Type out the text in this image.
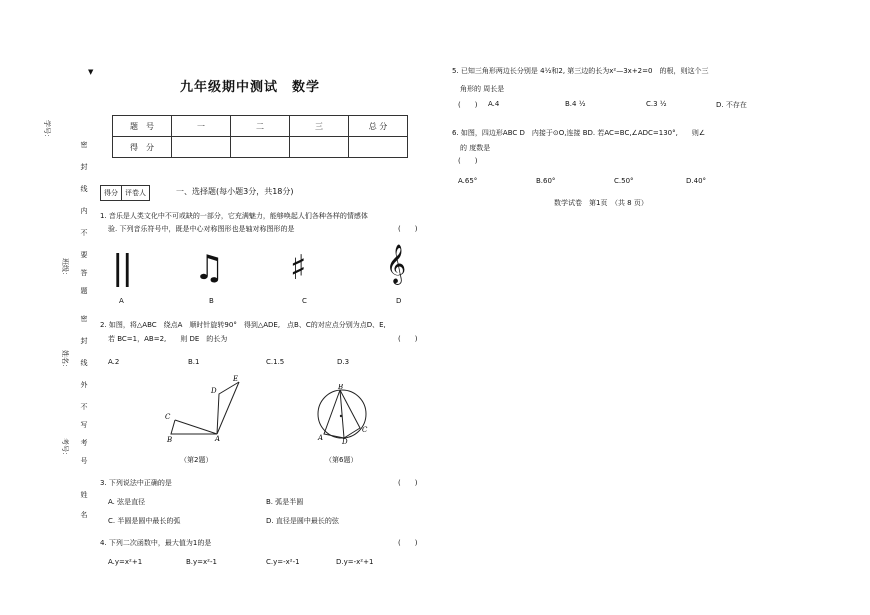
▼
密
封
线
内
不
要
答
题
密
封
线
外
不
写
考
号
姓
名
学号：
班级：
姓名：
考号：
九年级期中测试　数学
题　号	一	二	三	总 分
得　分				
得分	评卷人	一、选择题(每小题3分，共18分)
1. 音乐是人类文化中不可或缺的一部分，它充满魅力，能够唤起人们各种各样的情感体
验. 下列音乐符号中，既是中心对称图形也是轴对称图形的是	(　　)
|| ♫ ♯ 𝄞
A	B	C	D
2. 如图，将△ABC　绕点A　顺时针旋转90°　得到△ADE,　点B、C的对应点分别为点D、E,
若 BC=1，AB=2,　　则 DE　的长为	(　　)
A.2	B.1	C.1.5	D.3
C
B	A
D
E
（第2题）
B
A	D
C
（第6题）
3. 下列说法中正确的是	(　　)
A. 弦是直径	B. 弧是半圆
C. 半圆是圆中最长的弧	D. 直径是圆中最长的弦
4. 下列二次函数中，最大值为1的是	(　　)
A.y=x²+1	B.y=x²-1	C.y=-x²-1	D.y=-x²+1
5. 已知三角形两边长分别是 4½和2, 第三边的长为x²—3x+2=0　的根，则这个三
角形的 周长是
(　　) A.4	B.4 ½	C.3 ½	D. 不存在
6. 如图，四边形ABC D　内接于⊙O,连接 BD. 若AC=BC,∠ADC=130°,　　则∠
的 度数是
(　　)
A.65°	B.60°	C.50°	D.40°
数学试卷　第1页　（共 8 页）
